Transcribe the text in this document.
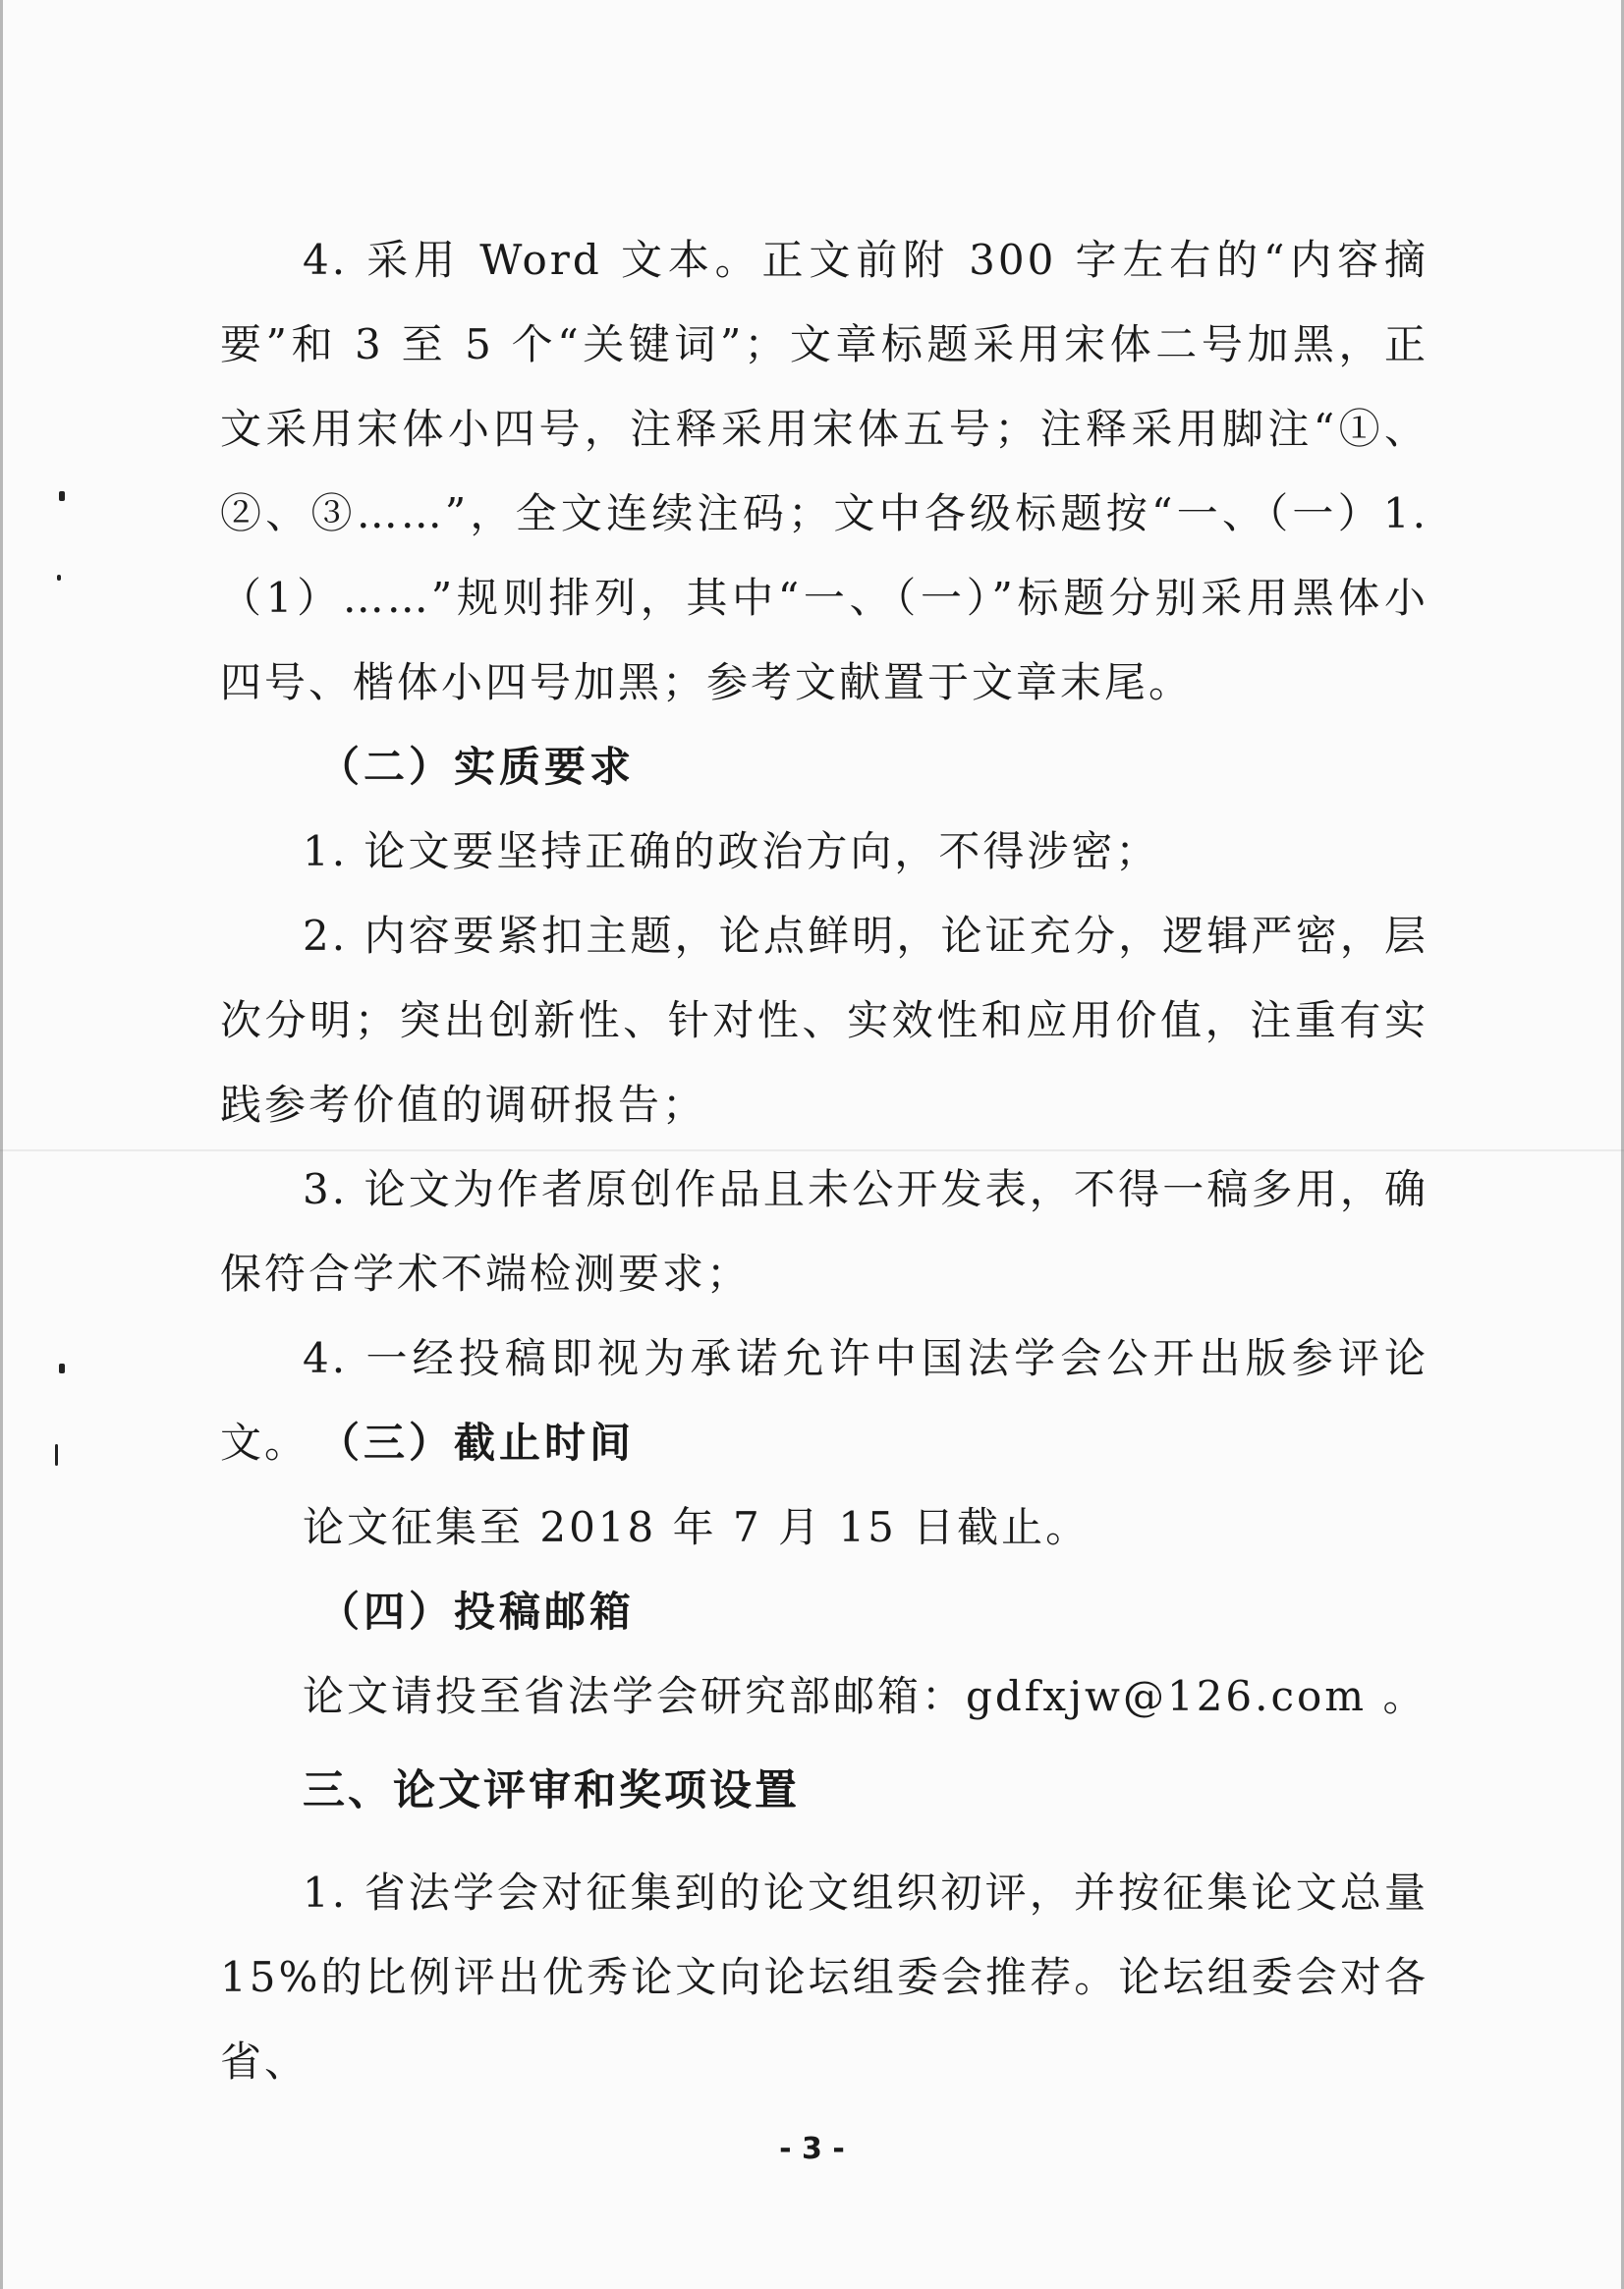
4. 采用 Word 文本。正文前附 300 字左右的“内容摘要”和 3 至 5 个“关键词”；文章标题采用宋体二号加黑，正文采用宋体小四号，注释采用宋体五号；注释采用脚注“①、②、③……”，全文连续注码；文中各级标题按“一、（一）1.（1）……”规则排列，其中“一、（一）”标题分别采用黑体小四号、楷体小四号加黑；参考文献置于文章末尾。
（二）实质要求
1. 论文要坚持正确的政治方向，不得涉密；
2. 内容要紧扣主题，论点鲜明，论证充分，逻辑严密，层次分明；突出创新性、针对性、实效性和应用价值，注重有实践参考价值的调研报告；
3. 论文为作者原创作品且未公开发表，不得一稿多用，确保符合学术不端检测要求；
4. 一经投稿即视为承诺允许中国法学会公开出版参评论文。 （三）截止时间
论文征集至 2018 年 7 月 15 日截止。
（四）投稿邮箱
论文请投至省法学会研究部邮箱：gdfxjw@126.com 。
三、论文评审和奖项设置
1. 省法学会对征集到的论文组织初评，并按征集论文总量 15%的比例评出优秀论文向论坛组委会推荐。论坛组委会对各省、
- 3 -
